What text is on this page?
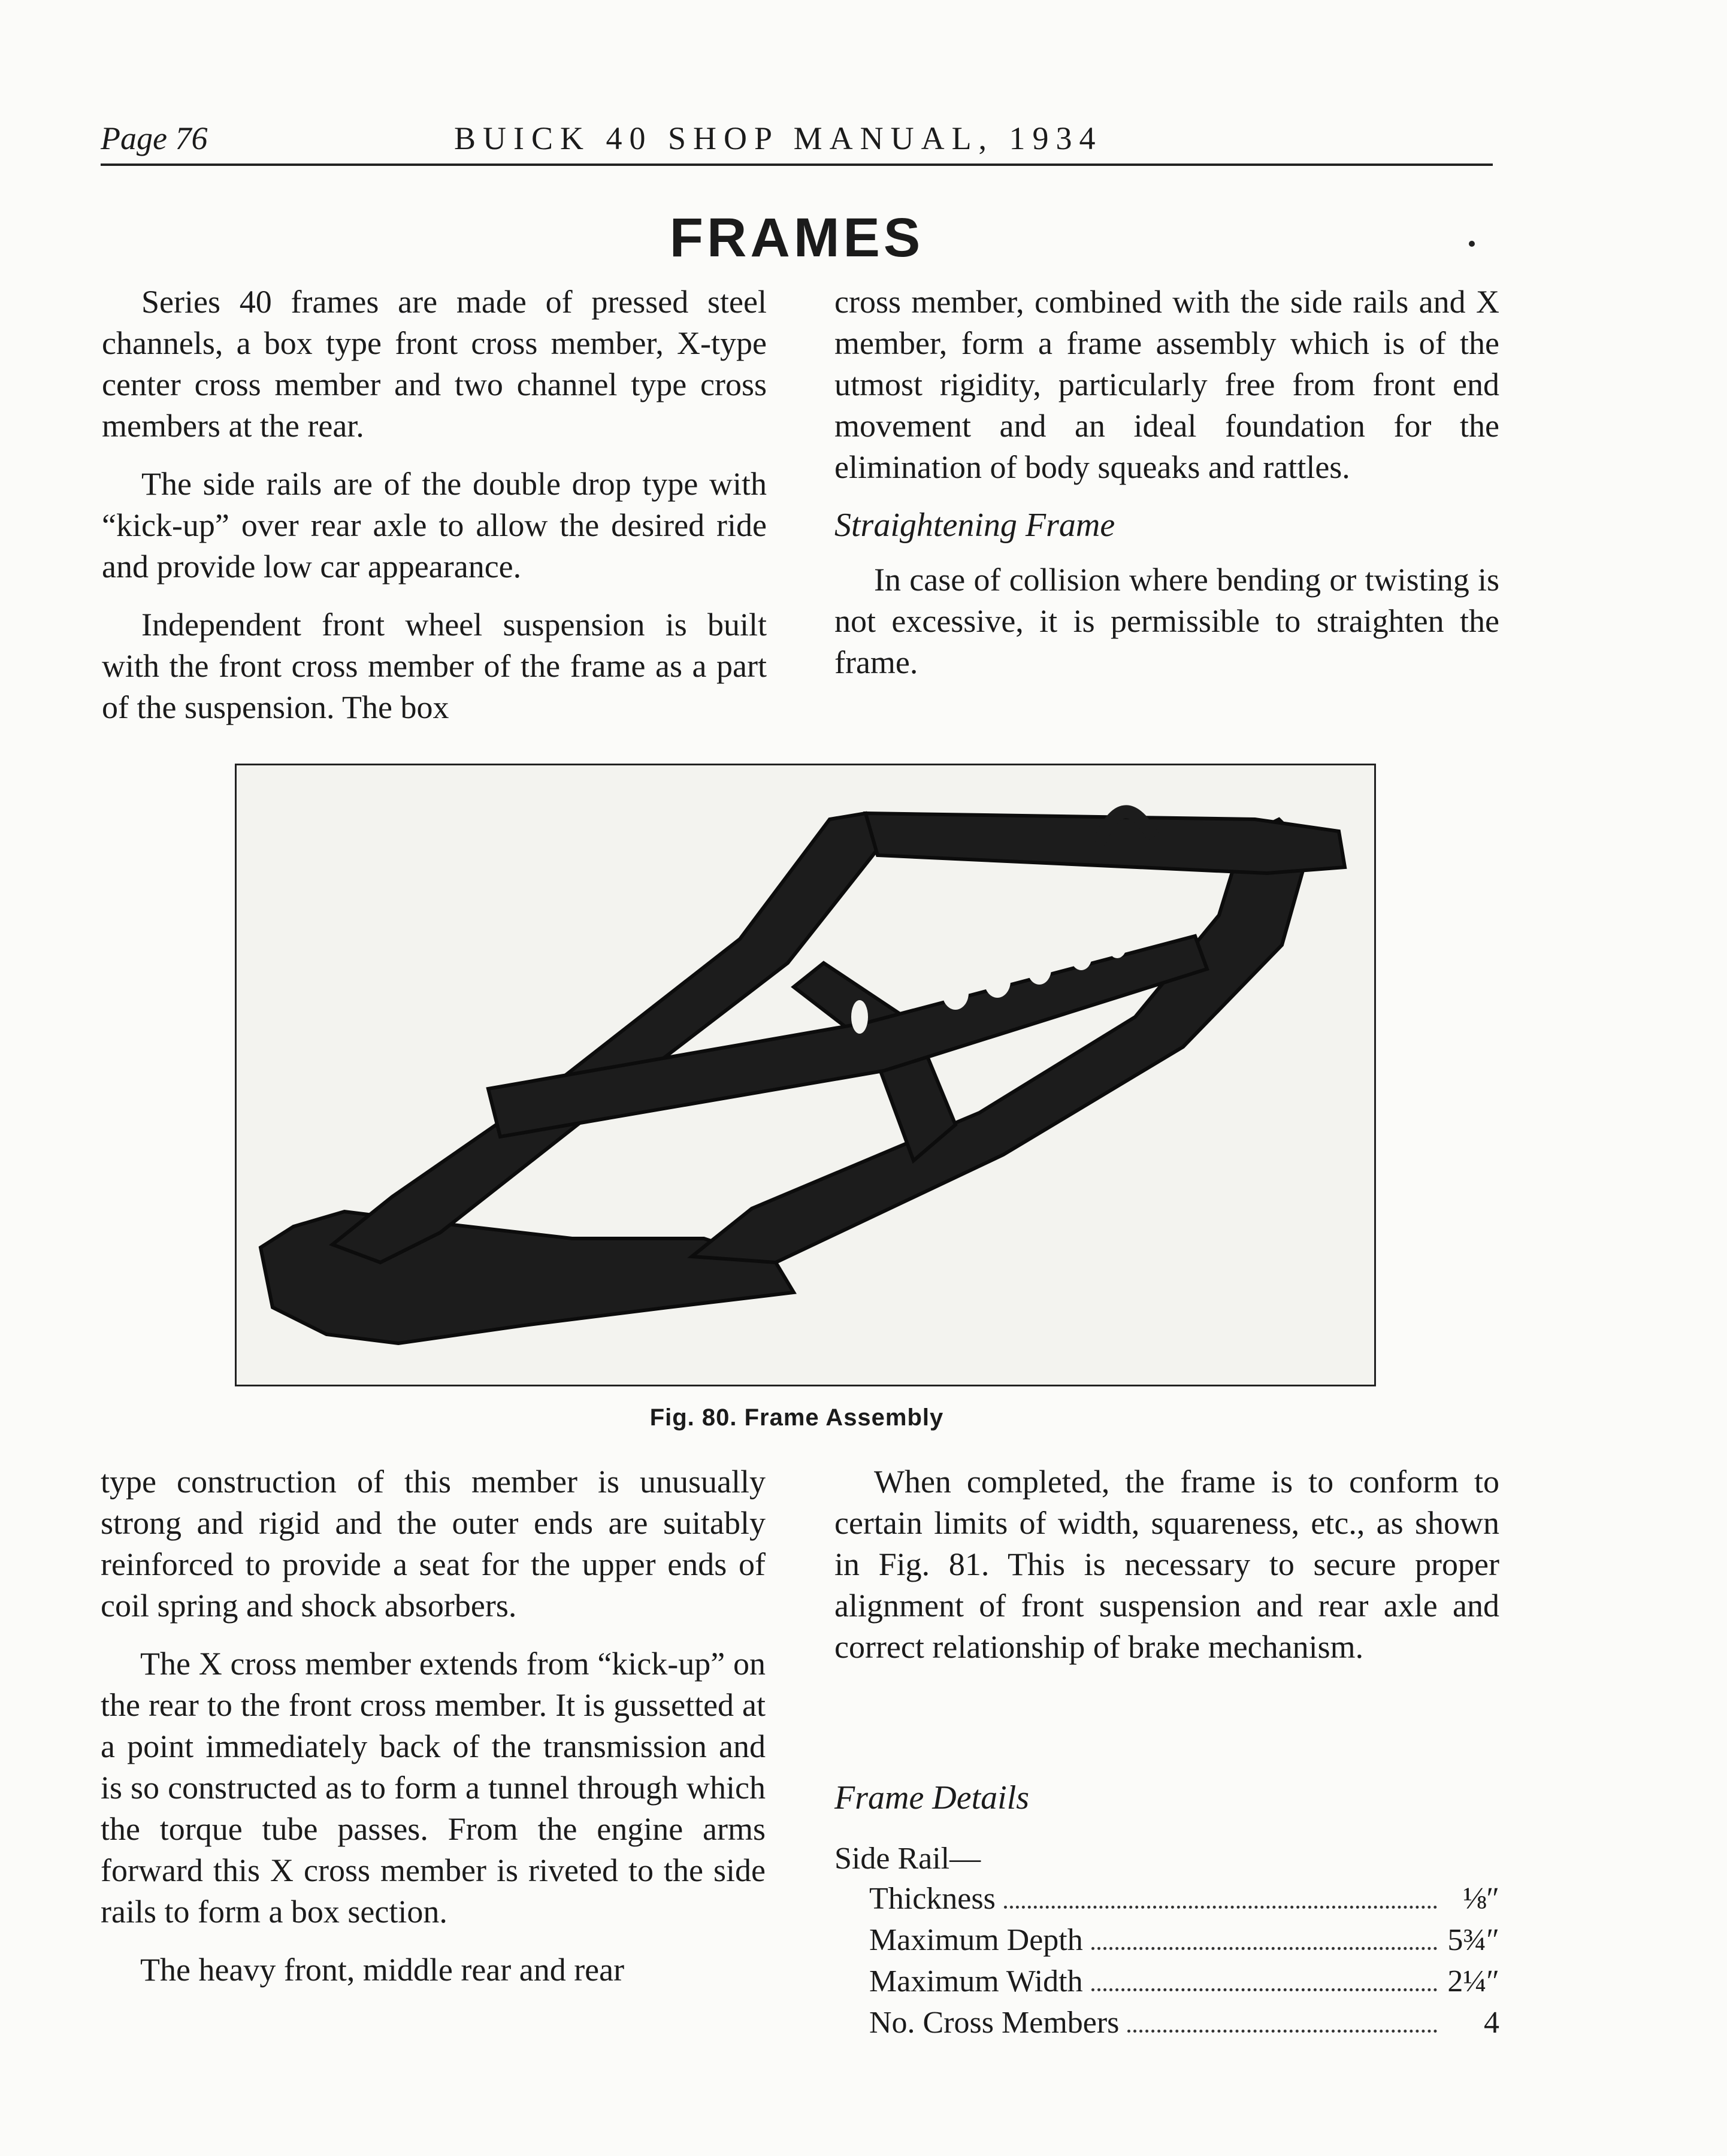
Page 76	BUICK 40 SHOP MANUAL, 1934
FRAMES

Series 40 frames are made of pressed steel channels, a box type front cross member, X-type center cross member and two channel type cross members at the rear.

The side rails are of the double drop type with “kick-up” over rear axle to allow the desired ride and provide low car appearance.

Independent front wheel suspension is built with the front cross member of the frame as a part of the suspension. The box

cross member, combined with the side rails and X member, form a frame assembly which is of the utmost rigidity, particularly free from front end movement and an ideal foundation for the elimination of body squeaks and rattles.

Straightening Frame

In case of collision where bending or twisting is not excessive, it is permissible to straighten the frame.

Fig. 80. Frame Assembly

type construction of this member is unusually strong and rigid and the outer ends are suitably reinforced to provide a seat for the upper ends of coil spring and shock absorbers.

The X cross member extends from “kick-up” on the rear to the front cross member. It is gussetted at a point immediately back of the transmission and is so constructed as to form a tunnel through which the torque tube passes. From the engine arms forward this X cross member is riveted to the side rails to form a box section.

The heavy front, middle rear and rear

When completed, the frame is to conform to certain limits of width, squareness, etc., as shown in Fig. 81. This is necessary to secure proper alignment of front suspension and rear axle and correct relationship of brake mechanism.

Frame Details
Side Rail—
Thickness	⅛″
Maximum Depth	5¾″
Maximum Width	2¼″
No. Cross Members	4
